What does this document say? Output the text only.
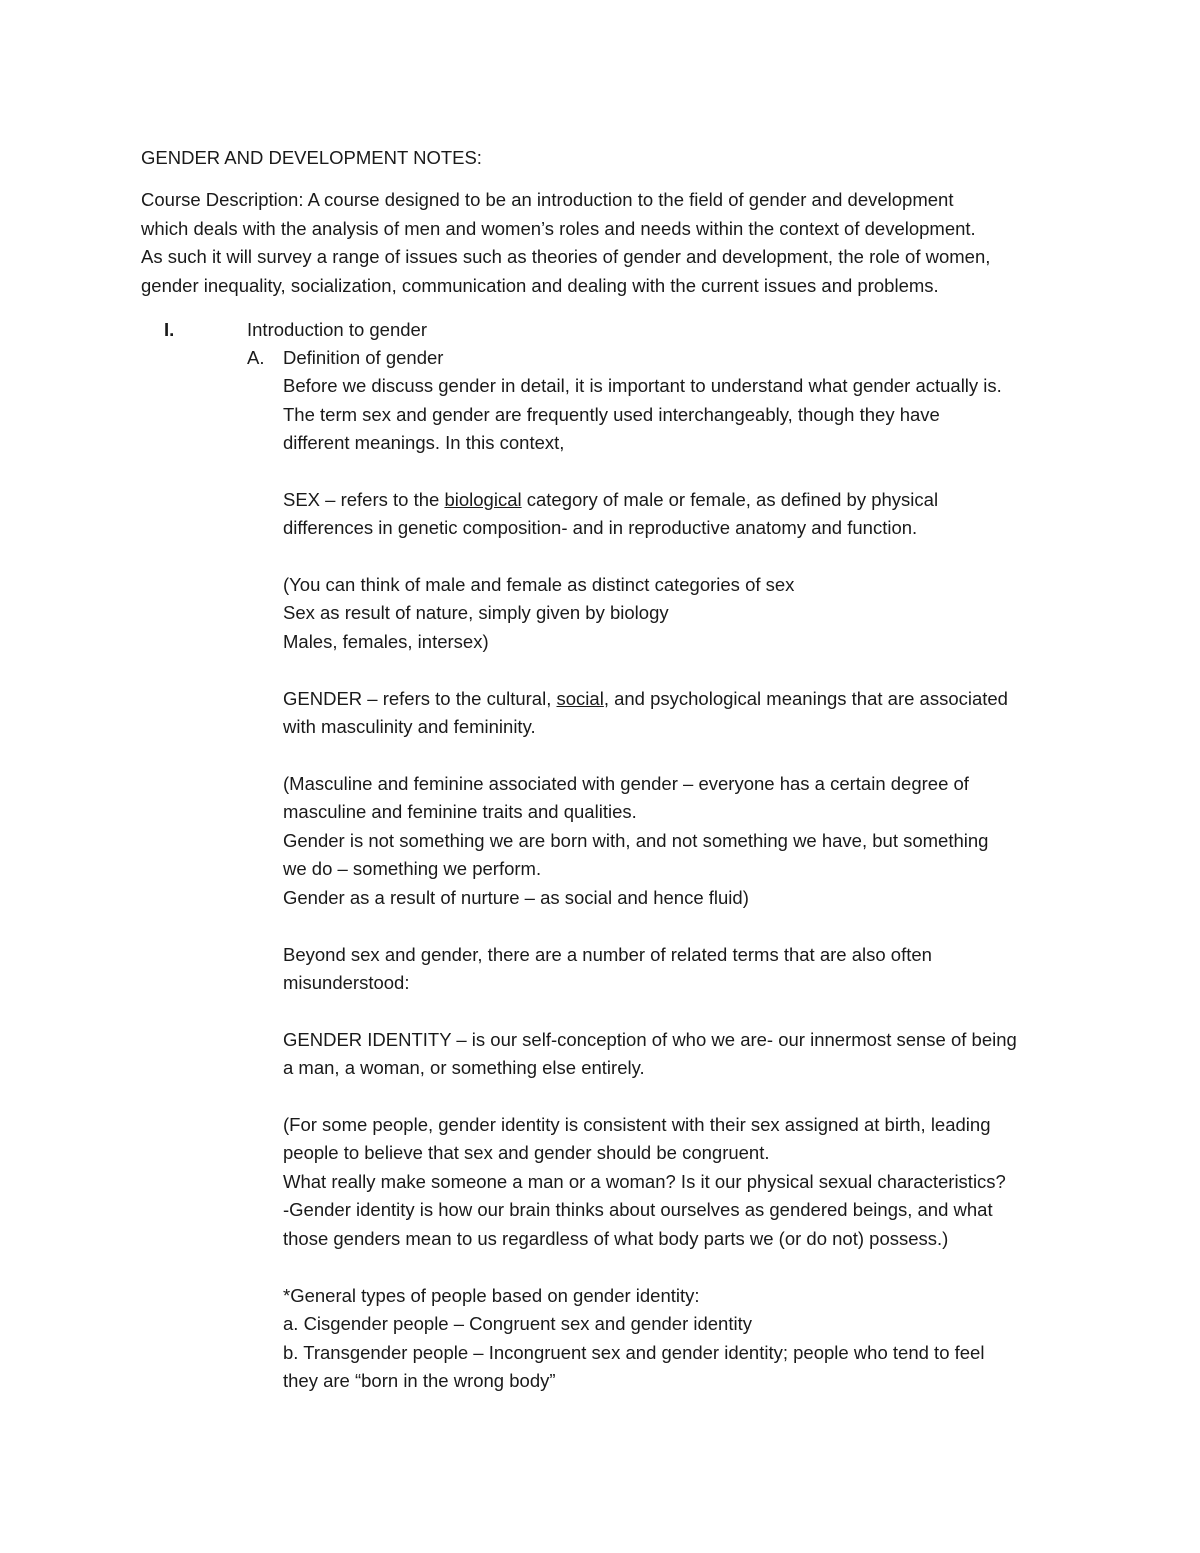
GENDER AND DEVELOPMENT NOTES:

Course Description: A course designed to be an introduction to the field of gender and development

which deals with the analysis of men and women’s roles and needs within the context of development.

As such it will survey a range of issues such as theories of gender and development, the role of women,

gender inequality, socialization, communication and dealing with the current issues and problems.

I.	Introduction to gender

A. Definition of gender

Before we discuss gender in detail, it is important to understand what gender actually is.

The term sex and gender are frequently used interchangeably, though they have

different meanings. In this context,

SEX – refers to the biological category of male or female, as defined by physical

differences in genetic composition- and in reproductive anatomy and function.

(You can think of male and female as distinct categories of sex

Sex as result of nature, simply given by biology

Males, females, intersex)

GENDER – refers to the cultural, social, and psychological meanings that are associated

with masculinity and femininity.

(Masculine and feminine associated with gender – everyone has a certain degree of

masculine and feminine traits and qualities.

Gender is not something we are born with, and not something we have, but something

we do – something we perform.

Gender as a result of nurture – as social and hence fluid)

Beyond sex and gender, there are a number of related terms that are also often

misunderstood:

GENDER IDENTITY – is our self-conception of who we are- our innermost sense of being

a man, a woman, or something else entirely.

(For some people, gender identity is consistent with their sex assigned at birth, leading

people to believe that sex and gender should be congruent.

What really make someone a man or a woman? Is it our physical sexual characteristics?

-Gender identity is how our brain thinks about ourselves as gendered beings, and what

those genders mean to us regardless of what body parts we (or do not) possess.)

*General types of people based on gender identity:

a. Cisgender people – Congruent sex and gender identity

b. Transgender people – Incongruent sex and gender identity; people who tend to feel

they are “born in the wrong body”
